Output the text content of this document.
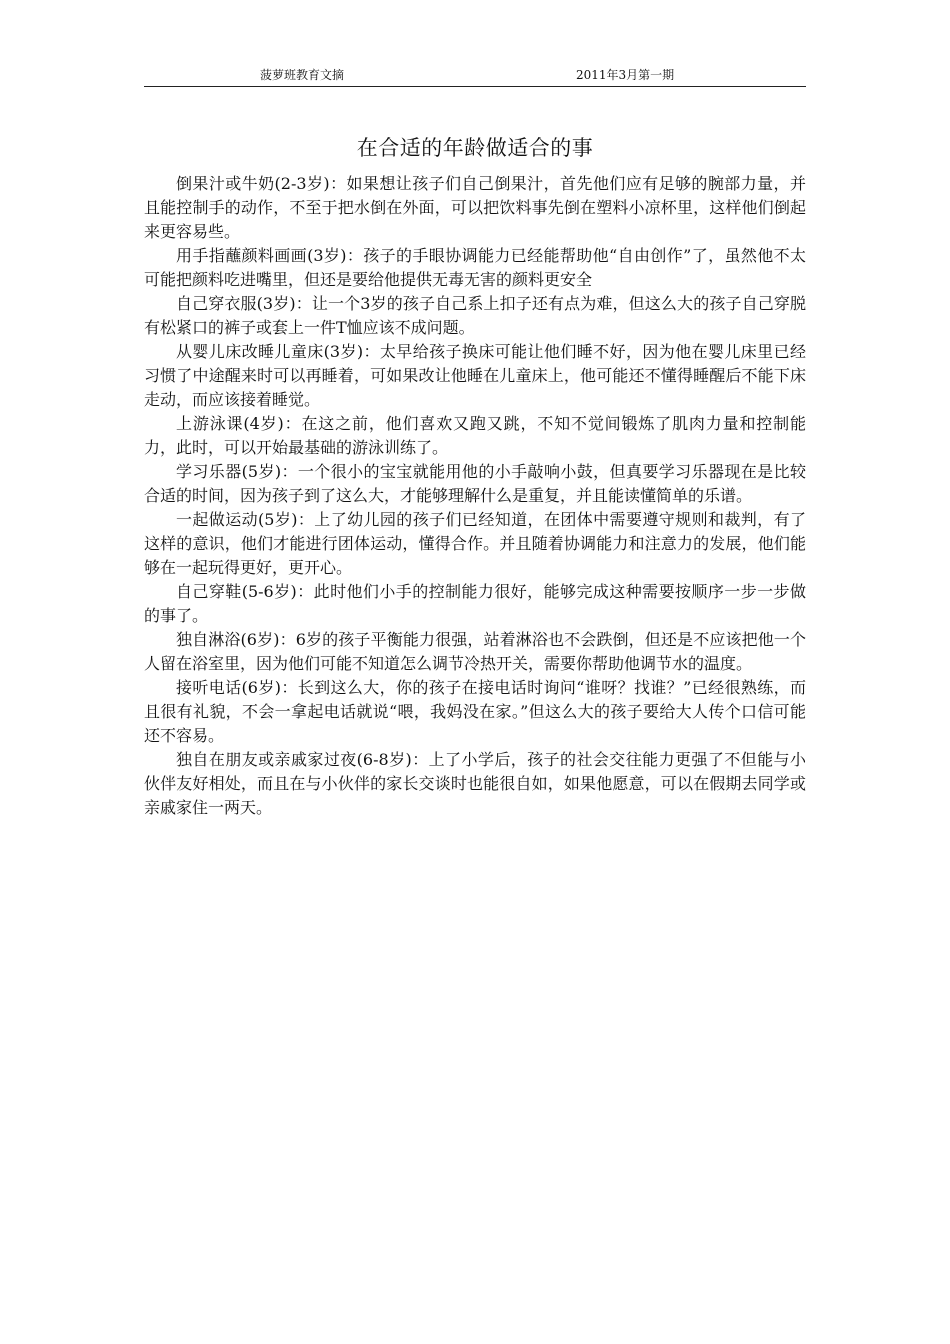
菠萝班教育文摘	2011年3月第一期
在合适的年龄做适合的事

倒果汁或牛奶(2-3岁)：如果想让孩子们自己倒果汁，首先他们应有足够的腕部力量，并且能控制手的动作，不至于把水倒在外面，可以把饮料事先倒在塑料小凉杯里，这样他们倒起来更容易些。

用手指蘸颜料画画(3岁)：孩子的手眼协调能力已经能帮助他“自由创作”了，虽然他不太可能把颜料吃进嘴里，但还是要给他提供无毒无害的颜料更安全

自己穿衣服(3岁)：让一个3岁的孩子自己系上扣子还有点为难，但这么大的孩子自己穿脱有松紧口的裤子或套上一件T恤应该不成问题。

从婴儿床改睡儿童床(3岁)：太早给孩子换床可能让他们睡不好，因为他在婴儿床里已经习惯了中途醒来时可以再睡着，可如果改让他睡在儿童床上，他可能还不懂得睡醒后不能下床走动，而应该接着睡觉。

上游泳课(4岁)：在这之前，他们喜欢又跑又跳，不知不觉间锻炼了肌肉力量和控制能力，此时，可以开始最基础的游泳训练了。

学习乐器(5岁)：一个很小的宝宝就能用他的小手敲响小鼓，但真要学习乐器现在是比较合适的时间，因为孩子到了这么大，才能够理解什么是重复，并且能读懂简单的乐谱。

一起做运动(5岁)：上了幼儿园的孩子们已经知道，在团体中需要遵守规则和裁判，有了这样的意识，他们才能进行团体运动，懂得合作。并且随着协调能力和注意力的发展，他们能够在一起玩得更好，更开心。

自己穿鞋(5-6岁)：此时他们小手的控制能力很好，能够完成这种需要按顺序一步一步做的事了。

独自淋浴(6岁)：6岁的孩子平衡能力很强，站着淋浴也不会跌倒，但还是不应该把他一个人留在浴室里，因为他们可能不知道怎么调节冷热开关，需要你帮助他调节水的温度。

接听电话(6岁)：长到这么大，你的孩子在接电话时询问“谁呀？找谁？”已经很熟练，而且很有礼貌，不会一拿起电话就说“喂，我妈没在家。”但这么大的孩子要给大人传个口信可能还不容易。

独自在朋友或亲戚家过夜(6-8岁)：上了小学后，孩子的社会交往能力更强了不但能与小伙伴友好相处，而且在与小伙伴的家长交谈时也能很自如，如果他愿意，可以在假期去同学或亲戚家住一两天。
